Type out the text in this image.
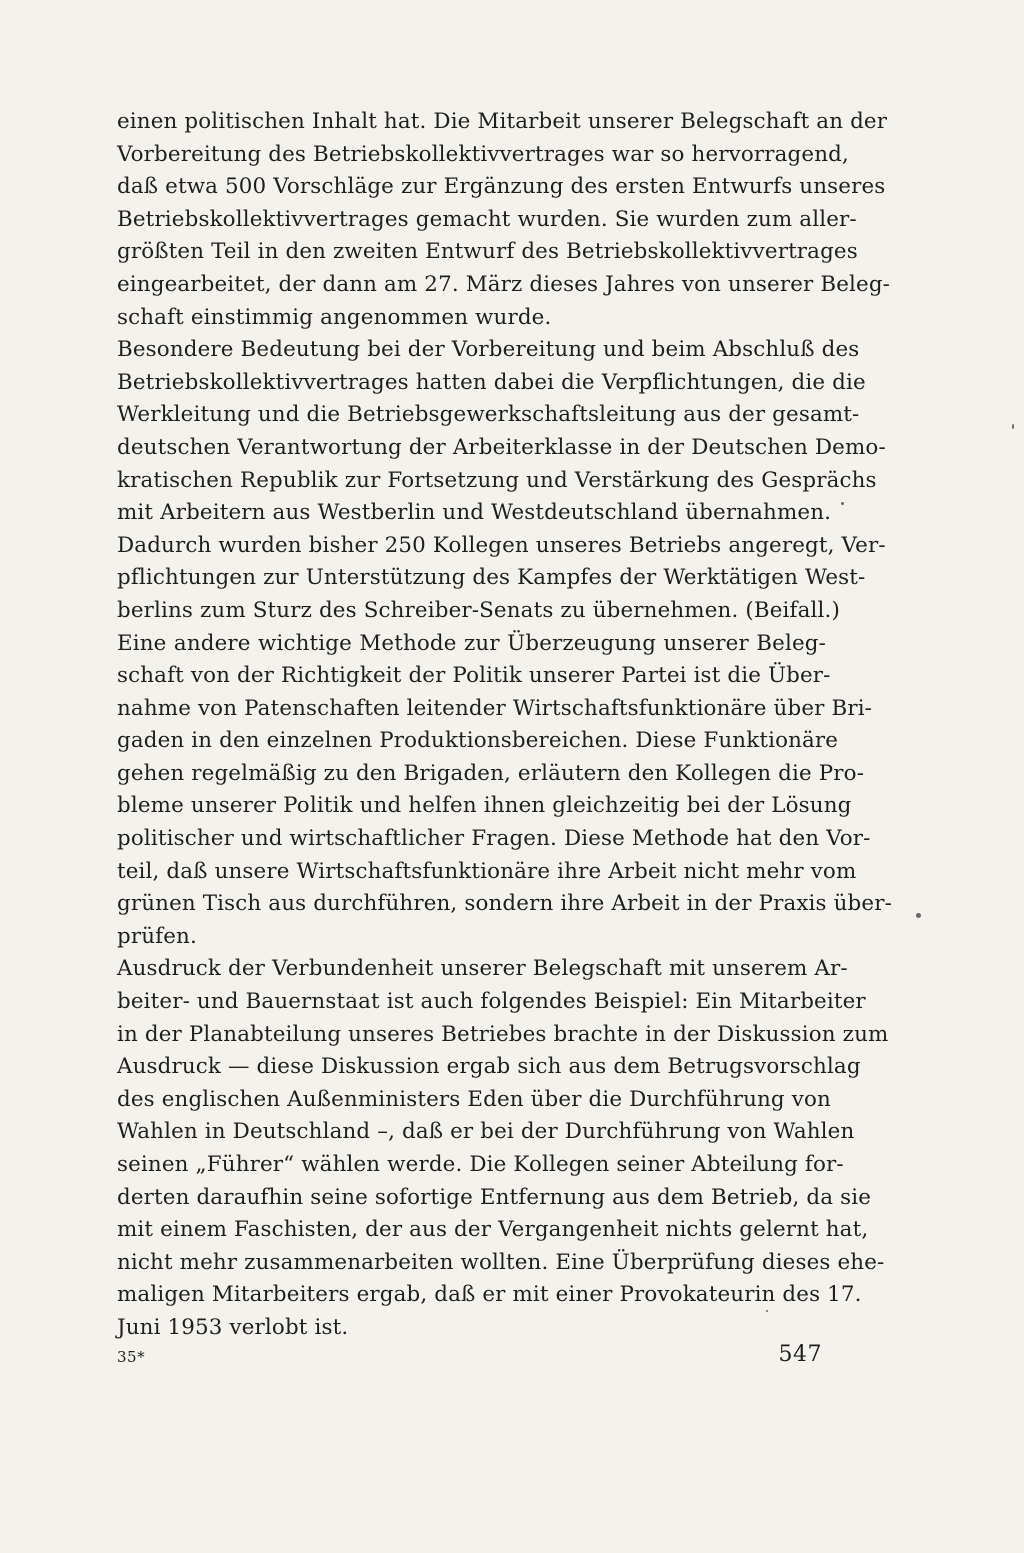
einen politischen Inhalt hat. Die Mitarbeit unserer Belegschaft an der
Vorbereitung des Betriebskollektivvertrages war so hervorragend,
daß etwa 500 Vorschläge zur Ergänzung des ersten Entwurfs unseres
Betriebskollektivvertrages gemacht wurden. Sie wurden zum aller-
größten Teil in den zweiten Entwurf des Betriebskollektivvertrages
eingearbeitet, der dann am 27. März dieses Jahres von unserer Beleg-
schaft einstimmig angenommen wurde.

Besondere Bedeutung bei der Vorbereitung und beim Abschluß des
Betriebskollektivvertrages hatten dabei die Verpflichtungen, die die
Werkleitung und die Betriebsgewerkschaftsleitung aus der gesamt-
deutschen Verantwortung der Arbeiterklasse in der Deutschen Demo-
kratischen Republik zur Fortsetzung und Verstärkung des Gesprächs
mit Arbeitern aus Westberlin und Westdeutschland übernahmen.
Dadurch wurden bisher 250 Kollegen unseres Betriebs angeregt, Ver-
pflichtungen zur Unterstützung des Kampfes der Werktätigen West-
berlins zum Sturz des Schreiber-Senats zu übernehmen. (Beifall.)

Eine andere wichtige Methode zur Überzeugung unserer Beleg-
schaft von der Richtigkeit der Politik unserer Partei ist die Über-
nahme von Patenschaften leitender Wirtschaftsfunktionäre über Bri-
gaden in den einzelnen Produktionsbereichen. Diese Funktionäre
gehen regelmäßig zu den Brigaden, erläutern den Kollegen die Pro-
bleme unserer Politik und helfen ihnen gleichzeitig bei der Lösung
politischer und wirtschaftlicher Fragen. Diese Methode hat den Vor-
teil, daß unsere Wirtschaftsfunktionäre ihre Arbeit nicht mehr vom
grünen Tisch aus durchführen, sondern ihre Arbeit in der Praxis über-
prüfen.

Ausdruck der Verbundenheit unserer Belegschaft mit unserem Ar-
beiter- und Bauernstaat ist auch folgendes Beispiel: Ein Mitarbeiter
in der Planabteilung unseres Betriebes brachte in der Diskussion zum
Ausdruck — diese Diskussion ergab sich aus dem Betrugsvorschlag
des englischen Außenministers Eden über die Durchführung von
Wahlen in Deutschland –, daß er bei der Durchführung von Wahlen
seinen „Führer“ wählen werde. Die Kollegen seiner Abteilung for-
derten daraufhin seine sofortige Entfernung aus dem Betrieb, da sie
mit einem Faschisten, der aus der Vergangenheit nichts gelernt hat,
nicht mehr zusammenarbeiten wollten. Eine Überprüfung dieses ehe-
maligen Mitarbeiters ergab, daß er mit einer Provokateurin des 17.
Juni 1953 verlobt ist.

35*	547
